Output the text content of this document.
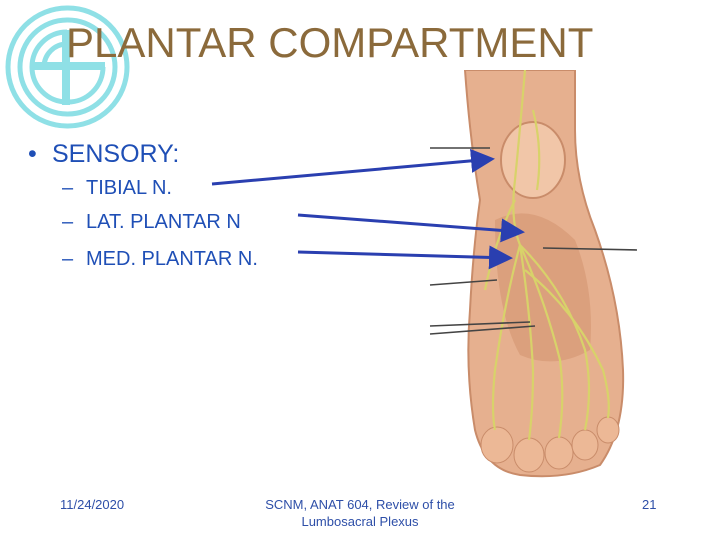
PLANTAR COMPARTMENT
• SENSORY:
– TIBIAL N.
– LAT. PLANTAR N
– MED. PLANTAR N.
11/24/2020	SCNM, ANAT 604, Review of the
Lumbosacral Plexus
21
